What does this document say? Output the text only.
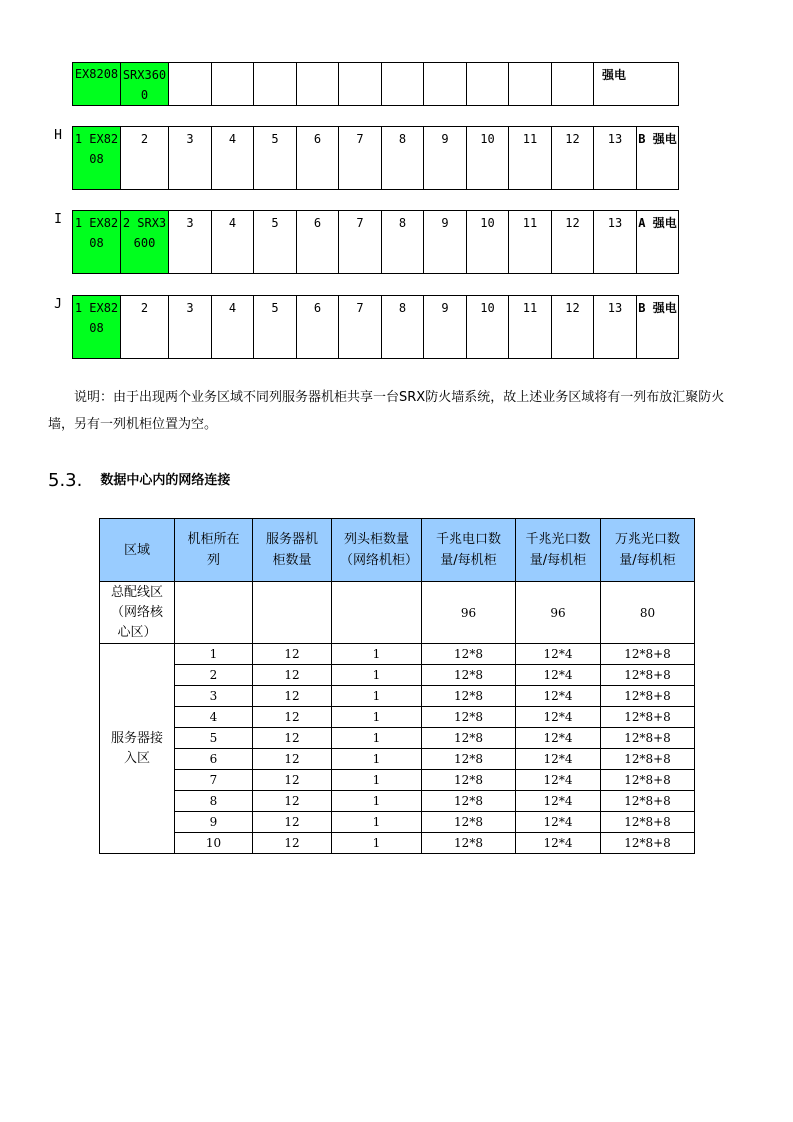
EX8208	SRX3600											强电
H 1 EX8208	2	3	4	5	6	7	8	9	10	11	12	13	B 强电
I 1 EX8208	2 SRX3600	3	4	5	6	7	8	9	10	11	12	13	A 强电
J 1 EX8208	2	3	4	5	6	7	8	9	10	11	12	13	B 强电
说明：由于出现两个业务区域不同列服务器机柜共享一台SRX防火墙系统，故上述业务区域将有一列布放汇聚防火墙，另有一列机柜位置为空。
5.3. 数据中心内的网络连接
区域	机柜所在列	服务器机柜数量	列头柜数量（网络机柜）	千兆电口数量/每机柜	千兆光口数量/每机柜	万兆光口数量/每机柜
总配线区（网络核心区）				96	96	80
服务器接入区	1	12	1	12*8	12*4	12*8+8
	2	12	1	12*8	12*4	12*8+8
	3	12	1	12*8	12*4	12*8+8
	4	12	1	12*8	12*4	12*8+8
	5	12	1	12*8	12*4	12*8+8
	6	12	1	12*8	12*4	12*8+8
	7	12	1	12*8	12*4	12*8+8
	8	12	1	12*8	12*4	12*8+8
	9	12	1	12*8	12*4	12*8+8
	10	12	1	12*8	12*4	12*8+8
